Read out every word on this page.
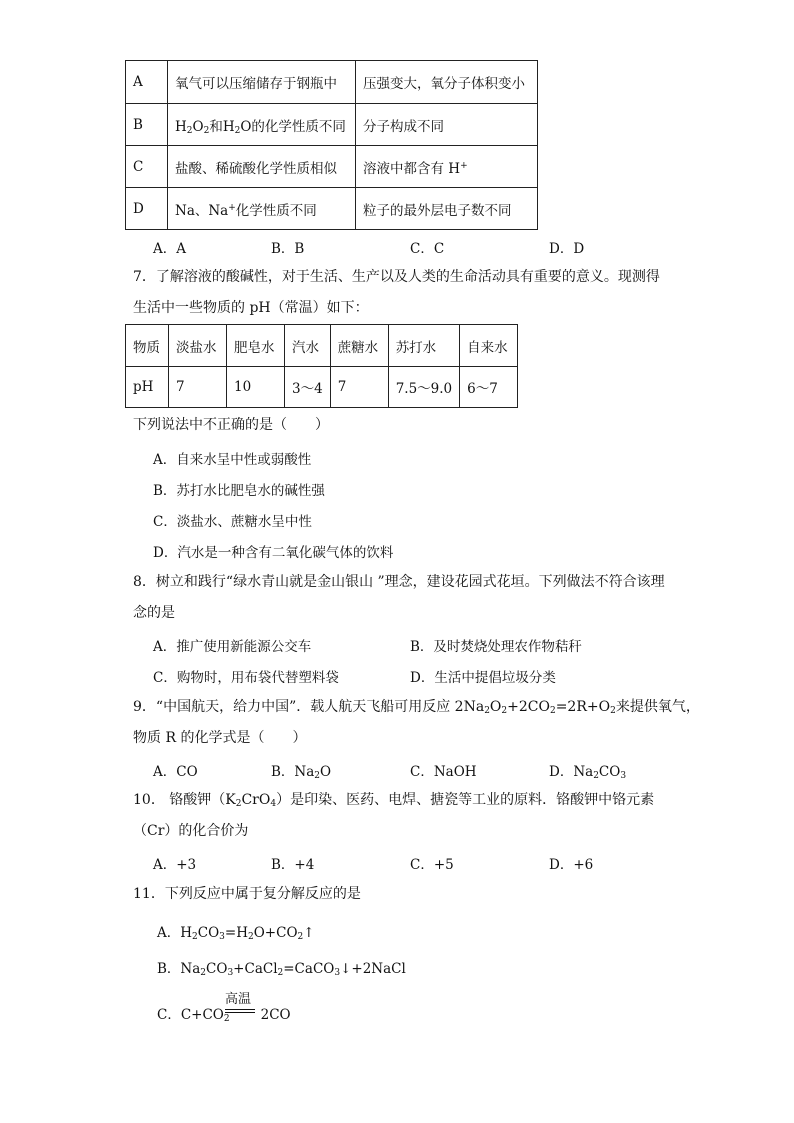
A	氧气可以压缩储存于钢瓶中	压强变大，氧分子体积变小
B	$H_2O_2$和$H_2O$的化学性质不同	分子构成不同
C	盐酸、稀硫酸化学性质相似	溶液中都含有 H+
D	Na、Na+化学性质不同	粒子的最外层电子数不同
A．A	B．B	C．C	D．D
7．了解溶液的酸碱性，对于生活、生产以及人类的生命活动具有重要的意义。现测得
生活中一些物质的 pH（常温）如下：
物质	淡盐水	肥皂水	汽水	蔗糖水	苏打水	自来水
pH	7	10	3～4	7	7.5～9.0	6～7
下列说法中不正确的是（　　）
A．自来水呈中性或弱酸性
B．苏打水比肥皂水的碱性强
C．淡盐水、蔗糖水呈中性
D．汽水是一种含有二氧化碳气体的饮料
8．树立和践行“绿水青山就是金山银山 ”理念，建设花园式花垣。下列做法不符合该理
念的是
A．推广使用新能源公交车	B．及时焚烧处理农作物秸秆
C．购物时，用布袋代替塑料袋	D．生活中提倡垃圾分类
9．“中国航天，给力中国”．载人航天飞船可用反应 $2Na_2O_2+2CO_2=2R+O_2$来提供氧气，
物质 R 的化学式是（　　）
A．CO	B．$Na_2O$	C．NaOH	D．$Na_2CO_3$
10． 铬酸钾$(K_2CrO_4)$是印染、医药、电焊、搪瓷等工业的原料．铬酸钾中铬元素
（Cr）的化合价为
A．+3	B．+4	C．+5	D．+6
11．下列反应中属于复分解反应的是
A．$H_2CO_3=H_2O+CO_2↑$
B．$Na_2CO_3+CaCl_2=CaCO_3↓+2NaCl$
C．$C+CO_2$ 2CO
高温
